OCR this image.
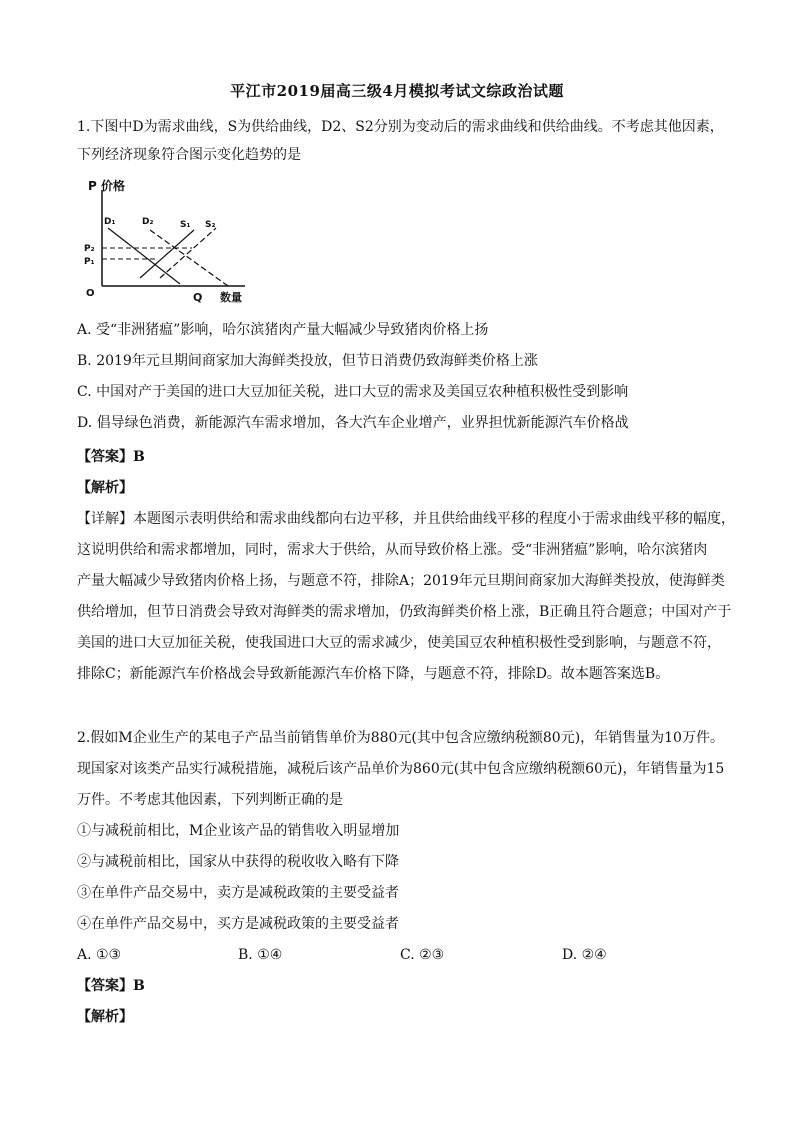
平江市2019届高三级4月模拟考试文综政治试题
1.下图中D为需求曲线，S为供给曲线，D2、S2分别为变动后的需求曲线和供给曲线。不考虑其他因素，
下列经济现象符合图示变化趋势的是
P 价格
数量
Q
O
P₂
P₁
D₁	D₂	S₁ S₂
A. 受“非洲猪瘟”影响，哈尔滨猪肉产量大幅减少导致猪肉价格上扬
B. 2019年元旦期间商家加大海鲜类投放，但节日消费仍致海鲜类价格上涨
C. 中国对产于美国的进口大豆加征关税，进口大豆的需求及美国豆农种植积极性受到影响
D. 倡导绿色消费，新能源汽车需求增加，各大汽车企业增产，业界担忧新能源汽车价格战
【答案】B
【解析】
【详解】本题图示表明供给和需求曲线都向右边平移，并且供给曲线平移的程度小于需求曲线平移的幅度，
这说明供给和需求都增加，同时，需求大于供给，从而导致价格上涨。受“非洲猪瘟”影响，哈尔滨猪肉
产量大幅减少导致猪肉价格上扬，与题意不符，排除A；2019年元旦期间商家加大海鲜类投放，使海鲜类
供给增加，但节日消费会导致对海鲜类的需求增加，仍致海鲜类价格上涨，B正确且符合题意；中国对产于
美国的进口大豆加征关税，使我国进口大豆的需求减少，使美国豆农种植积极性受到影响，与题意不符，
排除C；新能源汽车价格战会导致新能源汽车价格下降，与题意不符，排除D。故本题答案选B。
2.假如M企业生产的某电子产品当前销售单价为880元(其中包含应缴纳税额80元)，年销售量为10万件。
现国家对该类产品实行减税措施，减税后该产品单价为860元(其中包含应缴纳税额60元)，年销售量为15
万件。不考虑其他因素，下列判断正确的是
①与减税前相比，M企业该产品的销售收入明显增加
②与减税前相比，国家从中获得的税收收入略有下降
③在单件产品交易中，卖方是减税政策的主要受益者
④在单件产品交易中，买方是减税政策的主要受益者
A. ①③	B. ①④	C. ②③	D. ②④
【答案】B
【解析】
